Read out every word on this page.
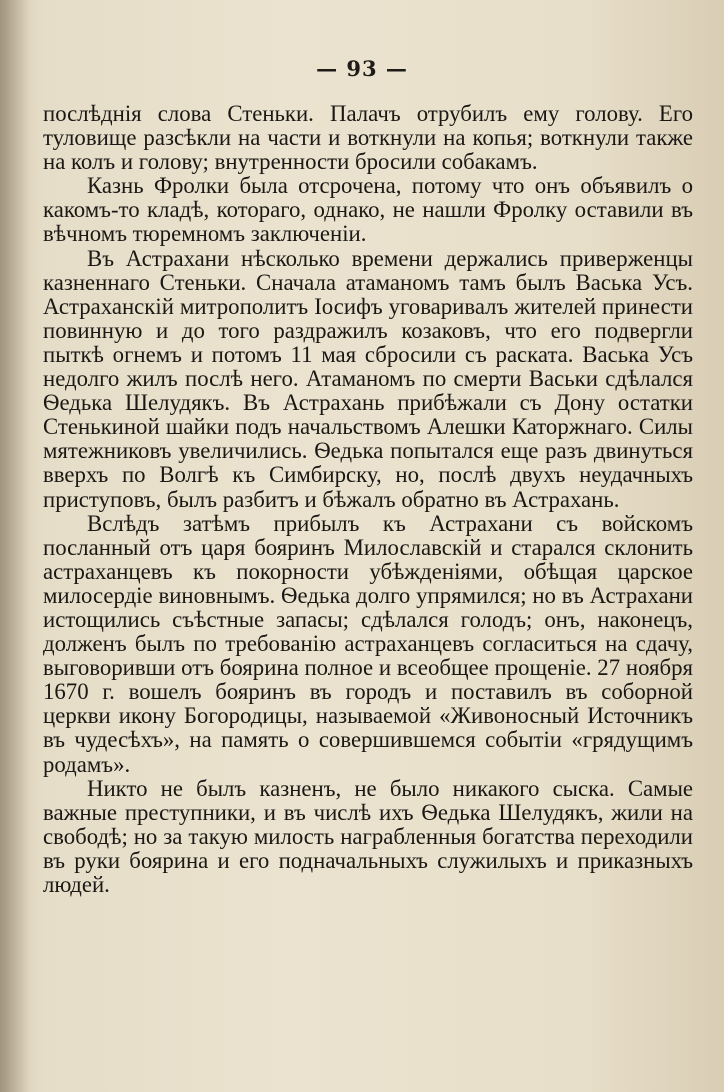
— 93 —

послѣднія слова Стеньки. Палачъ отрубилъ ему голову. Его туловище разсѣкли на части и воткнули на копья; воткнули также на колъ и голову; внутренности бросили собакамъ.

Казнь Фролки была отсрочена, потому что онъ объявилъ о какомъ-то кладѣ, котораго, однако, не нашли Фролку оставили въ вѣчномъ тюремномъ заключеніи.

Въ Астрахани нѣсколько времени держались приверженцы казненнаго Стеньки. Сначала атаманомъ тамъ былъ Васька Усъ. Астраханскій митрополитъ Іосифъ уговаривалъ жителей принести повинную и до того раздражилъ козаковъ, что его подвергли пыткѣ огнемъ и потомъ 11 мая сбросили съ раската. Васька Усъ недолго жилъ послѣ него. Атаманомъ по смерти Васьки сдѣлался Ѳедька Шелудякъ. Въ Астрахань прибѣжали съ Дону остатки Стенькиной шайки подъ начальствомъ Алешки Каторжнаго. Силы мятежниковъ увеличились. Ѳедька попытался еще разъ двинуться вверхъ по Волгѣ къ Симбирску, но, послѣ двухъ неудачныхъ приступовъ, былъ разбитъ и бѣжалъ обратно въ Астрахань.

Вслѣдъ затѣмъ прибылъ къ Астрахани съ войскомъ посланный отъ царя бояринъ Милославскій и старался склонить астраханцевъ къ покорности убѣжденіями, обѣщая царское милосердіе виновнымъ. Ѳедька долго упрямился; но въ Астрахани истощились съѣстные запасы; сдѣлался голодъ; онъ, наконецъ, долженъ былъ по требованію астраханцевъ согласиться на сдачу, выговоривши отъ боярина полное и всеобщее прощеніе. 27 ноября 1670 г. вошелъ бояринъ въ городъ и поставилъ въ соборной церкви икону Богородицы, называемой «Живоносный Источникъ въ чудесѣхъ», на память о совершившемся событіи «грядущимъ родамъ».

Никто не былъ казненъ, не было никакого сыска. Самые важные преступники, и въ числѣ ихъ Ѳедька Шелудякъ, жили на свободѣ; но за такую милость награбленныя богатства переходили въ руки боярина и его подначальныхъ служилыхъ и приказныхъ людей.
